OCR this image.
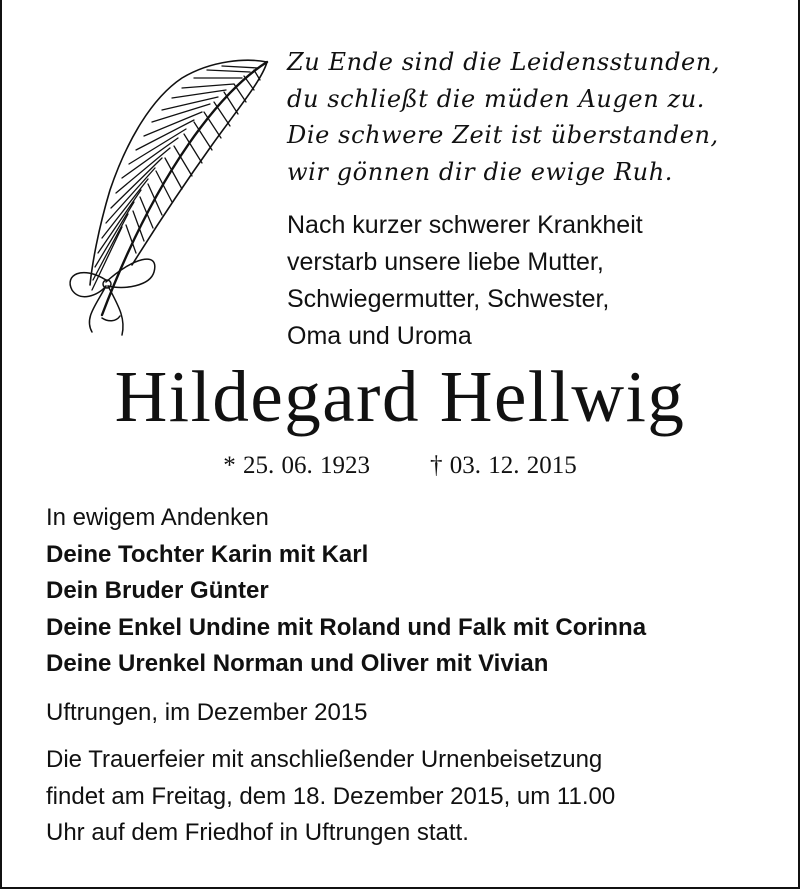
Zu Ende sind die Leidensstunden,
du schließt die müden Augen zu.
Die schwere Zeit ist überstanden,
wir gönnen dir die ewige Ruh.
Nach kurzer schwerer Krankheit
verstarb unsere liebe Mutter,
Schwiegermutter, Schwester,
Oma und Uroma
Hildegard Hellwig
* 25. 06. 1923 † 03. 12. 2015
In ewigem Andenken
Deine Tochter Karin mit Karl
Dein Bruder Günter
Deine Enkel Undine mit Roland und Falk mit Corinna
Deine Urenkel Norman und Oliver mit Vivian
Uftrungen, im Dezember 2015
Die Trauerfeier mit anschließender Urnenbeisetzung
findet am Freitag, dem 18. Dezember 2015, um 11.00
Uhr auf dem Friedhof in Uftrungen statt.
